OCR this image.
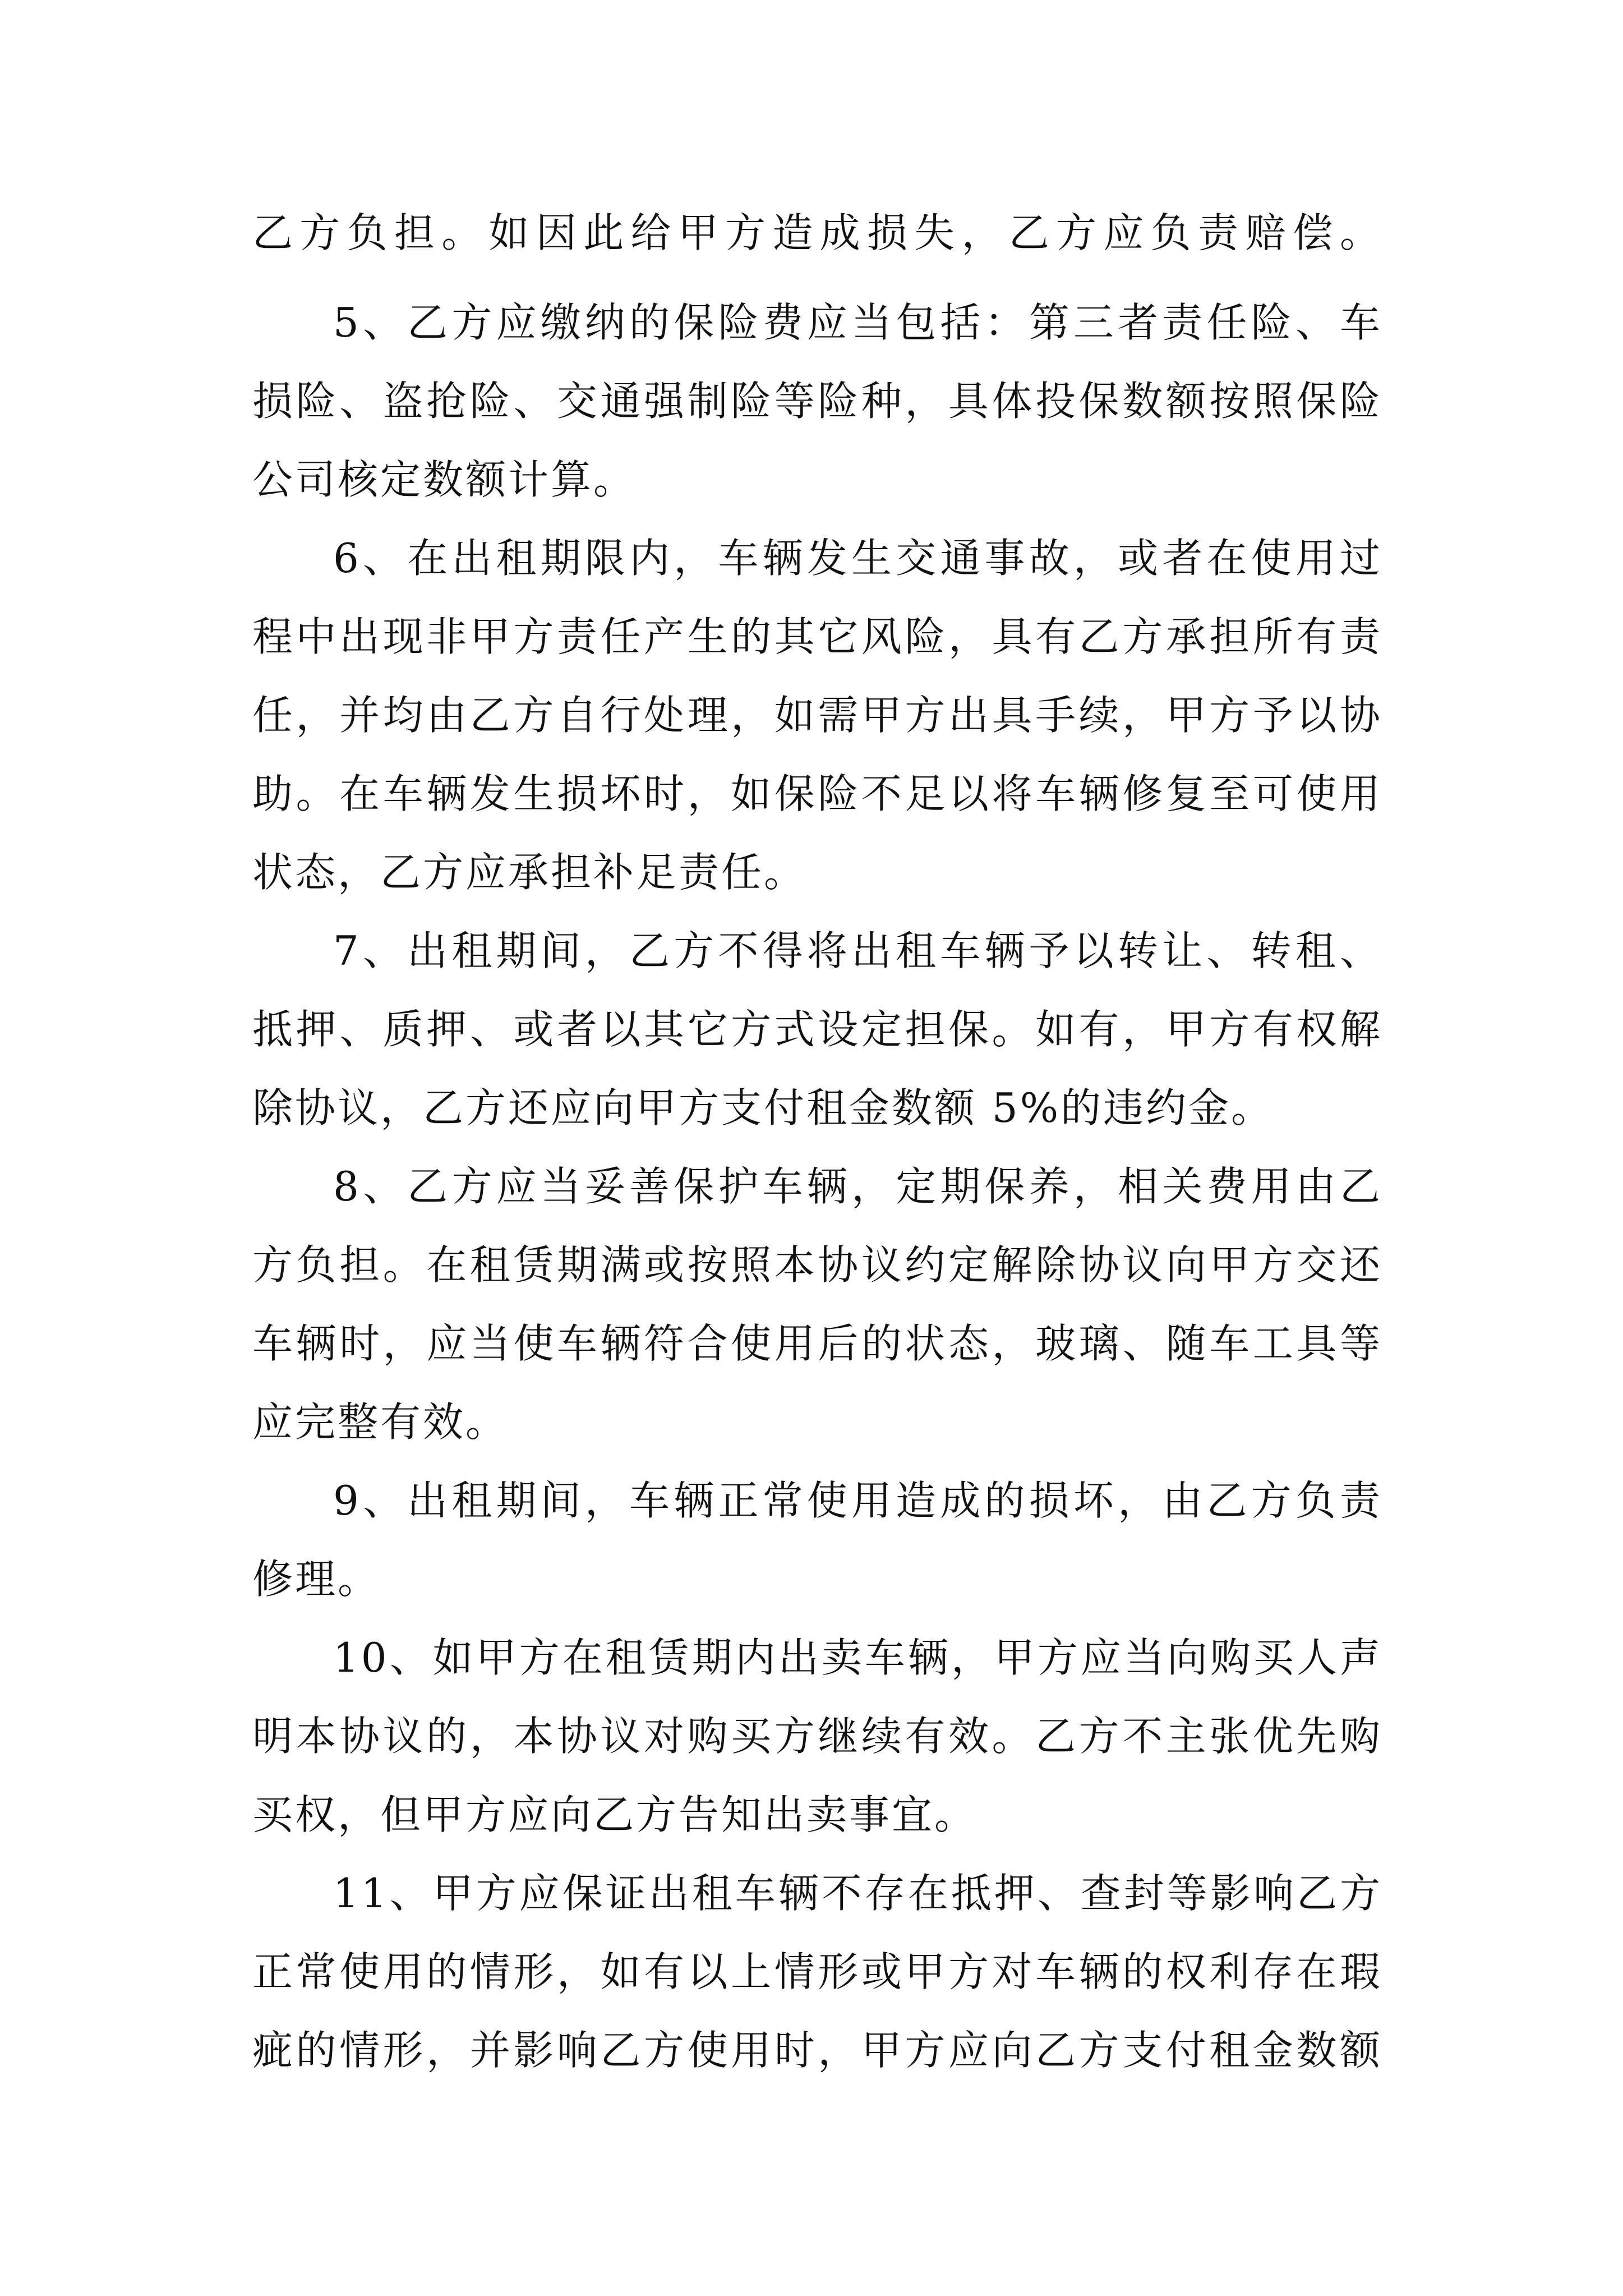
乙方负担。如因此给甲方造成损失，乙方应负责赔偿。

5、乙方应缴纳的保险费应当包括：第三者责任险、车

损险、盗抢险、交通强制险等险种，具体投保数额按照保险

公司核定数额计算。

6、在出租期限内，车辆发生交通事故，或者在使用过

程中出现非甲方责任产生的其它风险，具有乙方承担所有责

任，并均由乙方自行处理，如需甲方出具手续，甲方予以协

助。在车辆发生损坏时，如保险不足以将车辆修复至可使用

状态，乙方应承担补足责任。

7、出租期间，乙方不得将出租车辆予以转让、转租、

抵押、质押、或者以其它方式设定担保。如有，甲方有权解

除协议，乙方还应向甲方支付租金数额 5%的违约金。

8、乙方应当妥善保护车辆，定期保养，相关费用由乙

方负担。在租赁期满或按照本协议约定解除协议向甲方交还

车辆时，应当使车辆符合使用后的状态，玻璃、随车工具等

应完整有效。

9、出租期间，车辆正常使用造成的损坏，由乙方负责

修理。

10、如甲方在租赁期内出卖车辆，甲方应当向购买人声

明本协议的，本协议对购买方继续有效。乙方不主张优先购

买权，但甲方应向乙方告知出卖事宜。

11、甲方应保证出租车辆不存在抵押、查封等影响乙方

正常使用的情形，如有以上情形或甲方对车辆的权利存在瑕

疵的情形，并影响乙方使用时，甲方应向乙方支付租金数额
